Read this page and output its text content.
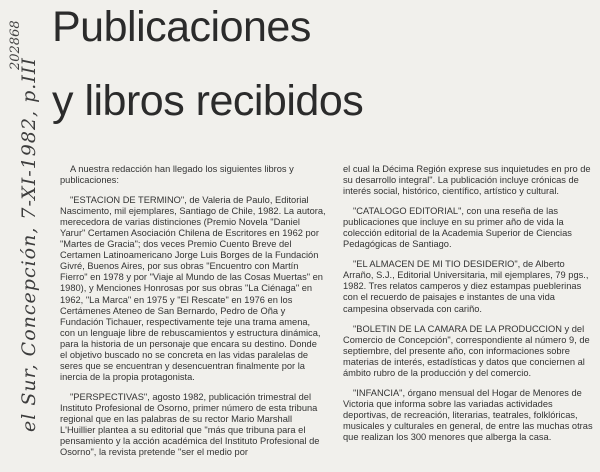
el Sur, Concepción, 7-XI-1982, p.III
202868 Publicaciones
y libros recibidos

A nuestra redacción han llegado los siguientes libros y publicaciones:

"ESTACION DE TERMINO", de Valeria de Paulo, Editorial Nascimento, mil ejemplares, Santiago de Chile, 1982. La autora, merecedora de varias distinciones (Premio Novela "Daniel Yarur" Certamen Asociación Chilena de Escritores en 1962 por "Martes de Gracia"; dos veces Premio Cuento Breve del Certamen Latinoamericano Jorge Luis Borges de la Fundación Givré, Buenos Aires, por sus obras "Encuentro con Martín Fierro" en 1978 y por "Viaje al Mundo de las Cosas Muertas" en 1980), y Menciones Honrosas por sus obras "La Ciénaga" en 1962, "La Marca" en 1975 y "El Rescate" en 1976 en los Certámenes Ateneo de San Bernardo, Pedro de Oña y Fundación Tichauer, respectivamente teje una trama amena, con un lenguaje libre de rebuscamientos y estructura dinámica, para la historia de un personaje que encara su destino. Donde el objetivo buscado no se concreta en las vidas paralelas de seres que se encuentran y desencuentran finalmente por la inercia de la propia protagonista.

"PERSPECTIVAS", agosto 1982, publicación trimestral del Instituto Profesional de Osorno, primer número de esta tribuna regional que en las palabras de su rector Mario Marshall L'Huillier plantea a su editorial que "más que tribuna para el pensamiento y la acción académica del Instituto Profesional de Osorno", la revista pretende "ser el medio por

el cual la Décima Región exprese sus inquietudes en pro de su desarrollo integral". La publicación incluye crónicas de interés social, histórico, científico, artístico y cultural.

"CATALOGO EDITORIAL", con una reseña de las publicaciones que incluye en su primer año de vida la colección editorial de la Academia Superior de Ciencias Pedagógicas de Santiago.

"EL ALMACEN DE MI TIO DESIDERIO", de Alberto Arraño, S.J., Editorial Universitaria, mil ejemplares, 79 pgs., 1982. Tres relatos camperos y diez estampas pueblerinas con el recuerdo de paisajes e instantes de una vida campesina observada con cariño.

"BOLETIN DE LA CAMARA DE LA PRODUCCION y del Comercio de Concepción", correspondiente al número 9, de septiembre, del presente año, con informaciones sobre materias de interés, estadísticas y datos que conciernen al ámbito rubro de la producción y del comercio.

"INFANCIA", órgano mensual del Hogar de Menores de Victoria que informa sobre las variadas actividades deportivas, de recreación, literarias, teatrales, folklóricas, musicales y culturales en general, de entre las muchas otras que realizan los 300 menores que alberga la casa.
